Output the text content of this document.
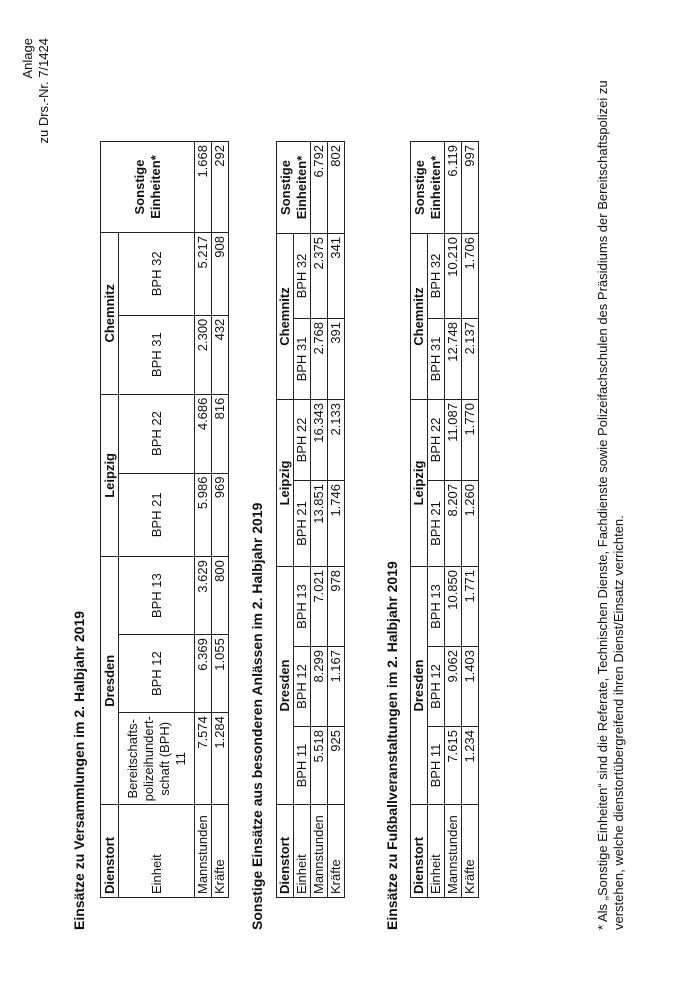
Anlage zu Drs.-Nr. 7/1424
Einsätze zu Versammlungen im 2. Halbjahr 2019 Dienstort	Dresden			Leipzig		Chemnitz		Sonstige Einheiten*
Einheit	Bereitschafts-polizeihundert-schaft (BPH) 11	BPH 12	BPH 13	BPH 21	BPH 22	BPH 31	BPH 32	
Mannstunden	7.574	6.369	3.629	5.986	4.686	2.300	5.217	1.668
Kräfte	1.284	1.055	800	969	816	432	908	292
Sonstige Einsätze aus besonderen Anlässen im 2. Halbjahr 2019 Dienstort	Dresden			Leipzig		Chemnitz		Sonstige Einheiten*
Einheit	BPH 11	BPH 12	BPH 13	BPH 21	BPH 22	BPH 31	BPH 32	
Mannstunden	5.518	8.299	7.021	13.851	16.343	2.768	2.375	6.792
Kräfte	925	1.167	978	1.746	2.133	391	341	802
Einsätze zu Fußballveranstaltungen im 2. Halbjahr 2019 Dienstort	Dresden			Leipzig		Chemnitz		Sonstige Einheiten*
Einheit	BPH 11	BPH 12	BPH 13	BPH 21	BPH 22	BPH 31	BPH 32	
Mannstunden	7.615	9.062	10.850	8.207	11.087	12.748	10.210	6.119
Kräfte	1.234	1.403	1.771	1.260	1.770	2.137	1.706	997	* Als „Sonstige Einheiten“ sind die Referate, Technischen Dienste, Fachdienste sowie Polizeifachschulen des Präsidiums der Bereitschaftspolizei zu verstehen, welche dienstortübergreifend ihren Dienst/Einsatz verrichten.
